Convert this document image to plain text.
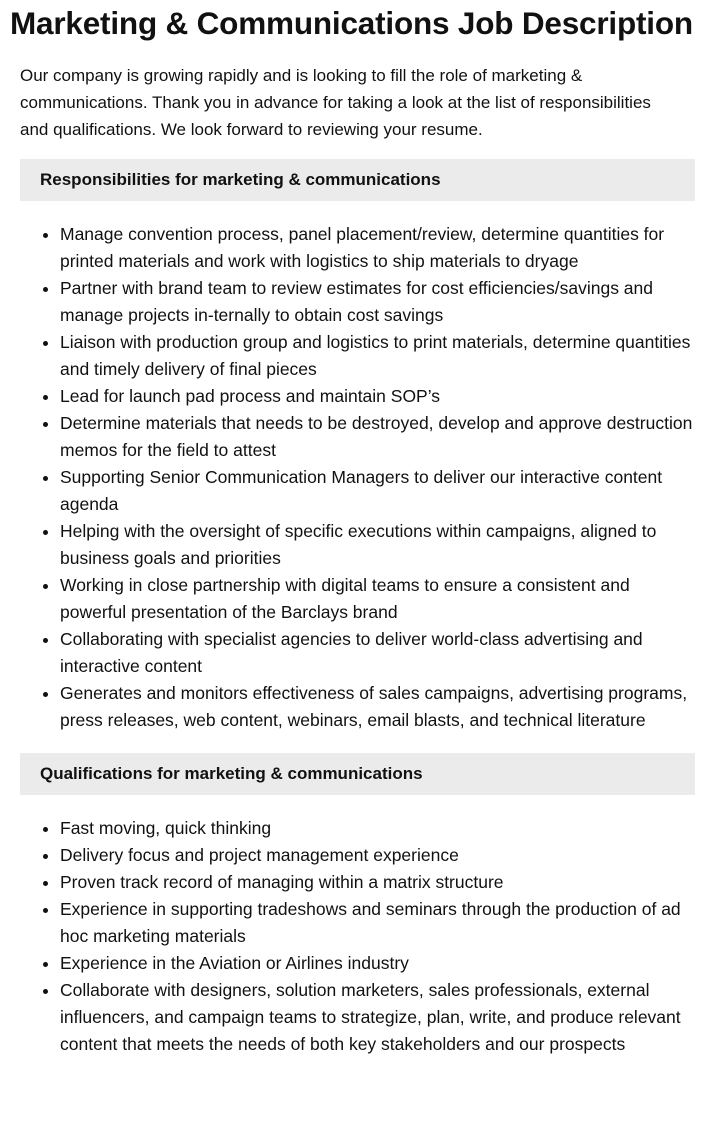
Marketing & Communications Job Description
Our company is growing rapidly and is looking to fill the role of marketing & communications. Thank you in advance for taking a look at the list of responsibilities and qualifications. We look forward to reviewing your resume.
Responsibilities for marketing & communications
• Manage convention process, panel placement/review, determine quantities for printed materials and work with logistics to ship materials to dryage
• Partner with brand team to review estimates for cost efficiencies/savings and manage projects in-ternally to obtain cost savings
• Liaison with production group and logistics to print materials, determine quantities and timely delivery of final pieces
• Lead for launch pad process and maintain SOP’s
• Determine materials that needs to be destroyed, develop and approve destruction memos for the field to attest
• Supporting Senior Communication Managers to deliver our interactive content agenda
• Helping with the oversight of specific executions within campaigns, aligned to business goals and priorities
• Working in close partnership with digital teams to ensure a consistent and powerful presentation of the Barclays brand
• Collaborating with specialist agencies to deliver world-class advertising and interactive content
• Generates and monitors effectiveness of sales campaigns, advertising programs, press releases, web content, webinars, email blasts, and technical literature
Qualifications for marketing & communications
• Fast moving, quick thinking
• Delivery focus and project management experience
• Proven track record of managing within a matrix structure
• Experience in supporting tradeshows and seminars through the production of ad hoc marketing materials
• Experience in the Aviation or Airlines industry
• Collaborate with designers, solution marketers, sales professionals, external influencers, and campaign teams to strategize, plan, write, and produce relevant content that meets the needs of both key stakeholders and our prospects
